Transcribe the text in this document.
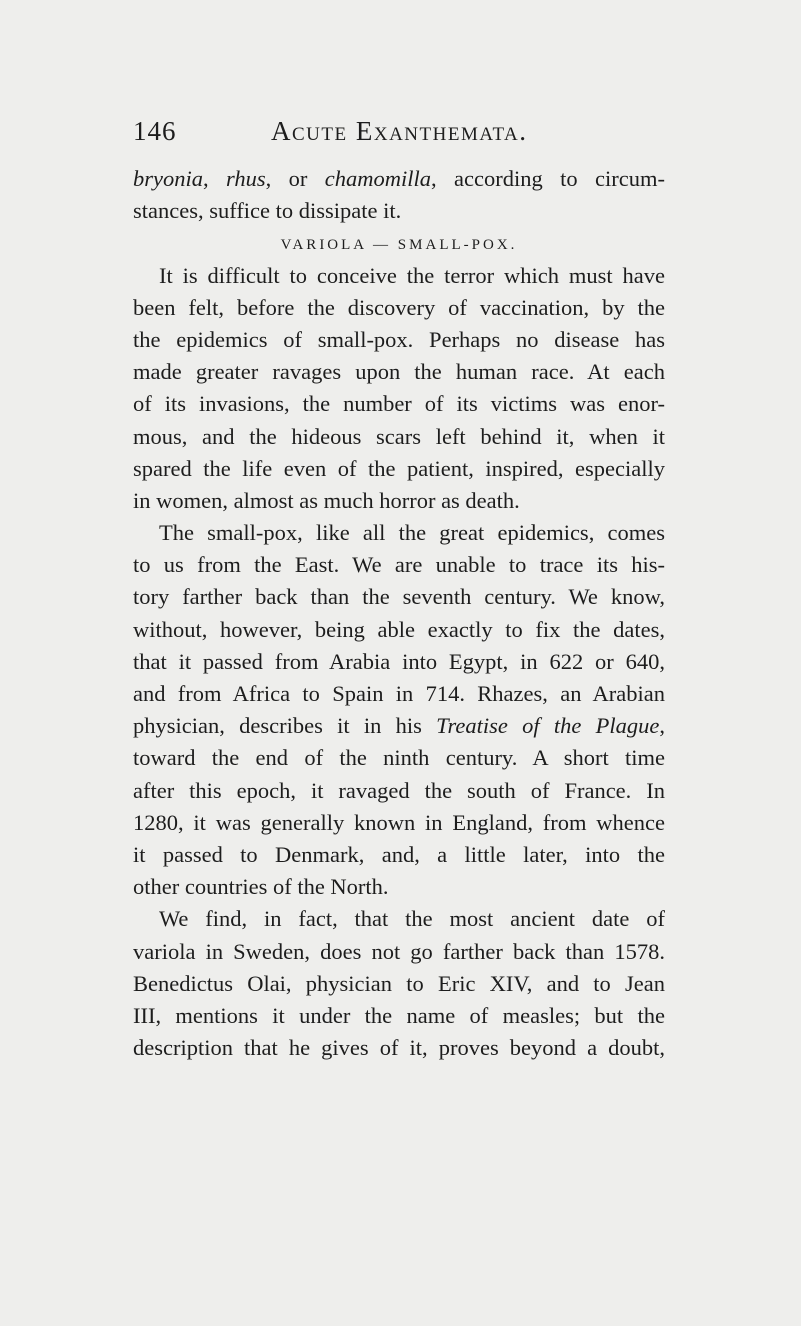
146	Acute Exanthemata.
bryonia, rhus, or chamomilla, according to circum-
stances, suffice to dissipate it.
VARIOLA — SMALL-POX.
It is difficult to conceive the terror which must have
been felt, before the discovery of vaccination, by the
the epidemics of small-pox. Perhaps no disease has
made greater ravages upon the human race. At each
of its invasions, the number of its victims was enor-
mous, and the hideous scars left behind it, when it
spared the life even of the patient, inspired, especially
in women, almost as much horror as death.
The small-pox, like all the great epidemics, comes
to us from the East. We are unable to trace its his-
tory farther back than the seventh century. We know,
without, however, being able exactly to fix the dates,
that it passed from Arabia into Egypt, in 622 or 640,
and from Africa to Spain in 714. Rhazes, an Arabian
physician, describes it in his Treatise of the Plague,
toward the end of the ninth century. A short time
after this epoch, it ravaged the south of France. In
1280, it was generally known in England, from whence
it passed to Denmark, and, a little later, into the
other countries of the North.
We find, in fact, that the most ancient date of
variola in Sweden, does not go farther back than 1578.
Benedictus Olai, physician to Eric XIV, and to Jean
III, mentions it under the name of measles; but the
description that he gives of it, proves beyond a doubt,
